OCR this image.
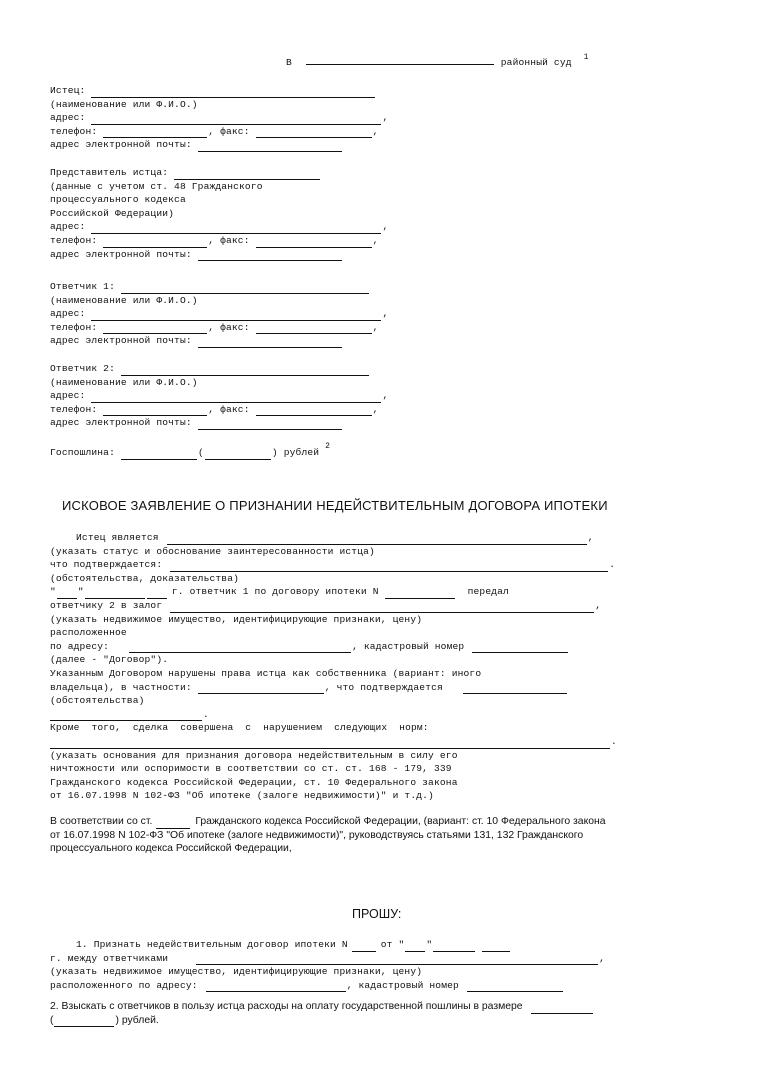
В	районный суд $^1$
Истец:
(наименование или Ф.И.О.)
адрес:	,
телефон:	, факс:	,
адрес электронной почты:
Представитель истца:
(данные с учетом ст. 48 Гражданского
процессуального кодекса
Российской Федерации)
адрес:	,
телефон:	, факс:	,
адрес электронной почты:
Ответчик 1:
(наименование или Ф.И.О.)
адрес:	,
телефон:	, факс:	,
адрес электронной почты:
Ответчик 2:
(наименование или Ф.И.О.)
адрес:	,
телефон:	, факс:	,
адрес электронной почты:
Госпошлина:	(	) рублей
2
ИСКОВОЕ ЗАЯВЛЕНИЕ О ПРИЗНАНИИ НЕДЕЙСТВИТЕЛЬНЫМ ДОГОВОРА ИПОТЕКИ
Истец является	,
(указать статус и обоснование заинтересованности истца)
что подтверждается:	.
(обстоятельства, доказательства)
" "	г. ответчик 1 по договору ипотеки N	передал
ответчику 2 в залог	,
(указать недвижимое имущество, идентифицирующие признаки, цену)
расположенное
по адресу:	, кадастровый номер
(далее - "Договор").
Указанным Договором нарушены права истца как собственника (вариант: иного
владельца), в частности:	, что подтверждается
(обстоятельства)
.
Кроме того, сделка совершена с нарушением следующих норм:
.
(указать основания для признания договора недействительным в силу его
ничтожности или оспоримости в соответствии со ст. ст. 168 - 179, 339
Гражданского кодекса Российской Федерации, ст. 10 Федерального закона
от 16.07.1998 N 102-ФЗ "Об ипотеке (залоге недвижимости)" и т.д.)
В соответствии со ст.	Гражданского кодекса Российской Федерации, (вариант: ст. 10 Федерального закона
от 16.07.1998 N 102-ФЗ "Об ипотеке (залоге недвижимости)", руководствуясь статьями 131, 132 Гражданского
процессуального кодекса Российской Федерации,
ПРОШУ:
1. Признать недействительным договор ипотеки N	от " "
г. между ответчиками	,
(указать недвижимое имущество, идентифицирующие признаки, цену)
расположенного по адресу:	, кадастровый номер
2. Взыскать с ответчиков в пользу истца расходы на оплату государственной пошлины в размере
(	) рублей.
